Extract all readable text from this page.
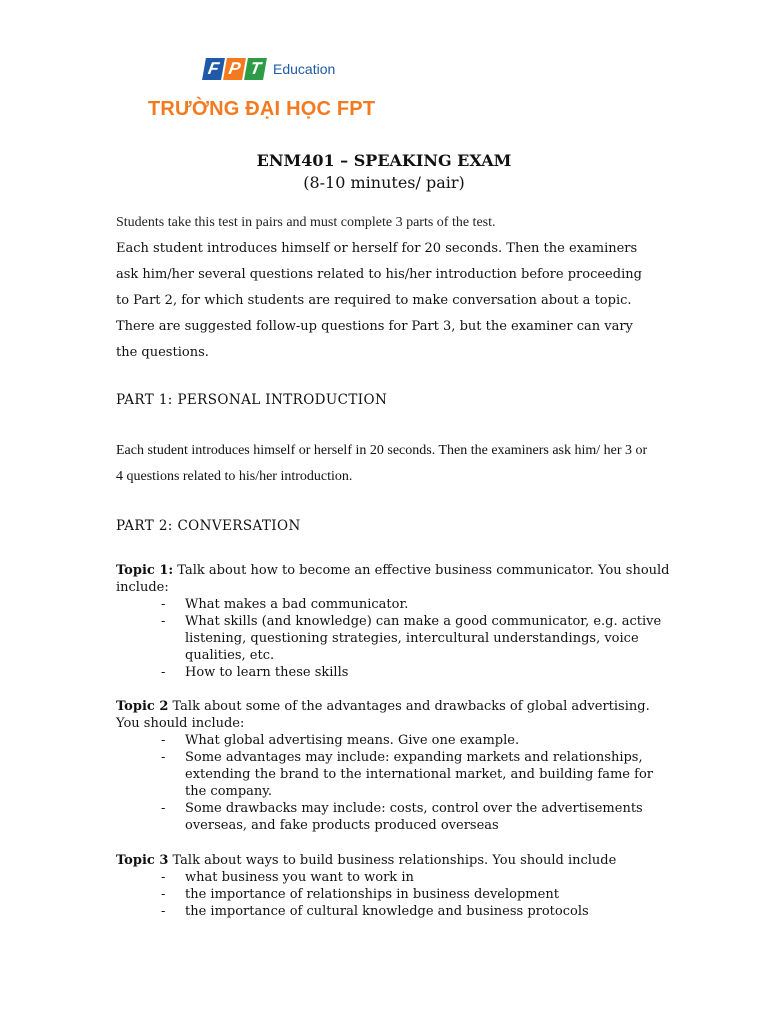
F P T Education
TRƯỜNG ĐẠI HỌC FPT
ENM401 – SPEAKING EXAM
(8-10 minutes/ pair)
Students take this test in pairs and must complete 3 parts of the test.
Each student introduces himself or herself for 20 seconds. Then the examiners ask him/her several questions related to his/her introduction before proceeding to Part 2, for which students are required to make conversation about a topic. There are suggested follow-up questions for Part 3, but the examiner can vary the questions.
PART 1: PERSONAL INTRODUCTION
Each student introduces himself or herself in 20 seconds. Then the examiners ask him/ her 3 or 4 questions related to his/her introduction.
PART 2: CONVERSATION
Topic 1: Talk about how to become an effective business communicator. You should include:
- What makes a bad communicator.
- What skills (and knowledge) can make a good communicator, e.g. active listening, questioning strategies, intercultural understandings, voice qualities, etc.
- How to learn these skills
Topic 2 Talk about some of the advantages and drawbacks of global advertising. You should include:
- What global advertising means. Give one example.
- Some advantages may include: expanding markets and relationships, extending the brand to the international market, and building fame for the company.
- Some drawbacks may include: costs, control over the advertisements overseas, and fake products produced overseas
Topic 3 Talk about ways to build business relationships. You should include
- what business you want to work in
- the importance of relationships in business development
- the importance of cultural knowledge and business protocols
